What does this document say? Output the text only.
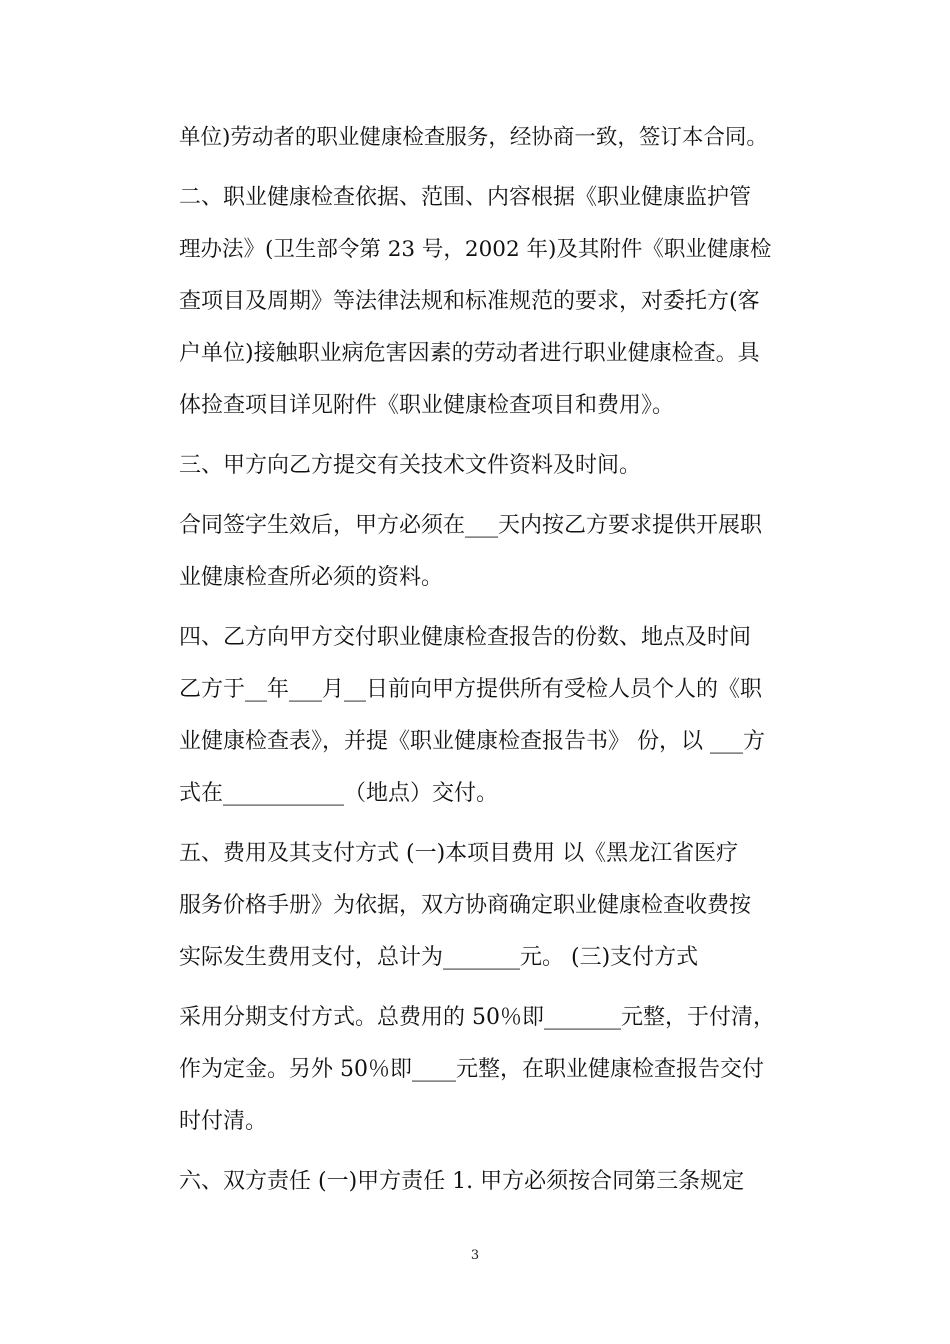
单位)劳动者的职业健康检查服务，经协商一致，签订本合同。
二、职业健康检查依据、范围、内容根据《职业健康监护管
理办法》(卫生部令第 23 号，2002 年)及其附件《职业健康检
查项目及周期》等法律法规和标准规范的要求，对委托方(客
户单位)接触职业病危害因素的劳动者进行职业健康检查。具
体捡查项目详见附件《职业健康检查项目和费用》。
三、甲方向乙方提交有关技术文件资料及时间。
合同签字生效后，甲方必须在___天内按乙方要求提供开展职
业健康检查所必须的资料。
四、乙方向甲方交付职业健康检查报告的份数、地点及时间
乙方于__年___月__日前向甲方提供所有受检人员个人的《职
业健康检查表》，并提《职业健康检查报告书》 份，以 ___方
式在___________（地点）交付。
五、费用及其支付方式 (一)本项目费用 以《黑龙江省医疗
服务价格手册》为依据，双方协商确定职业健康检查收费按
实际发生费用支付，总计为_______元。 (三)支付方式
采用分期支付方式。总费用的 50％即_______元整，于付清，
作为定金。另外 50％即____元整，在职业健康检查报告交付
时付清。
六、双方责任 (一)甲方责任 1. 甲方必须按合同第三条规定
3
